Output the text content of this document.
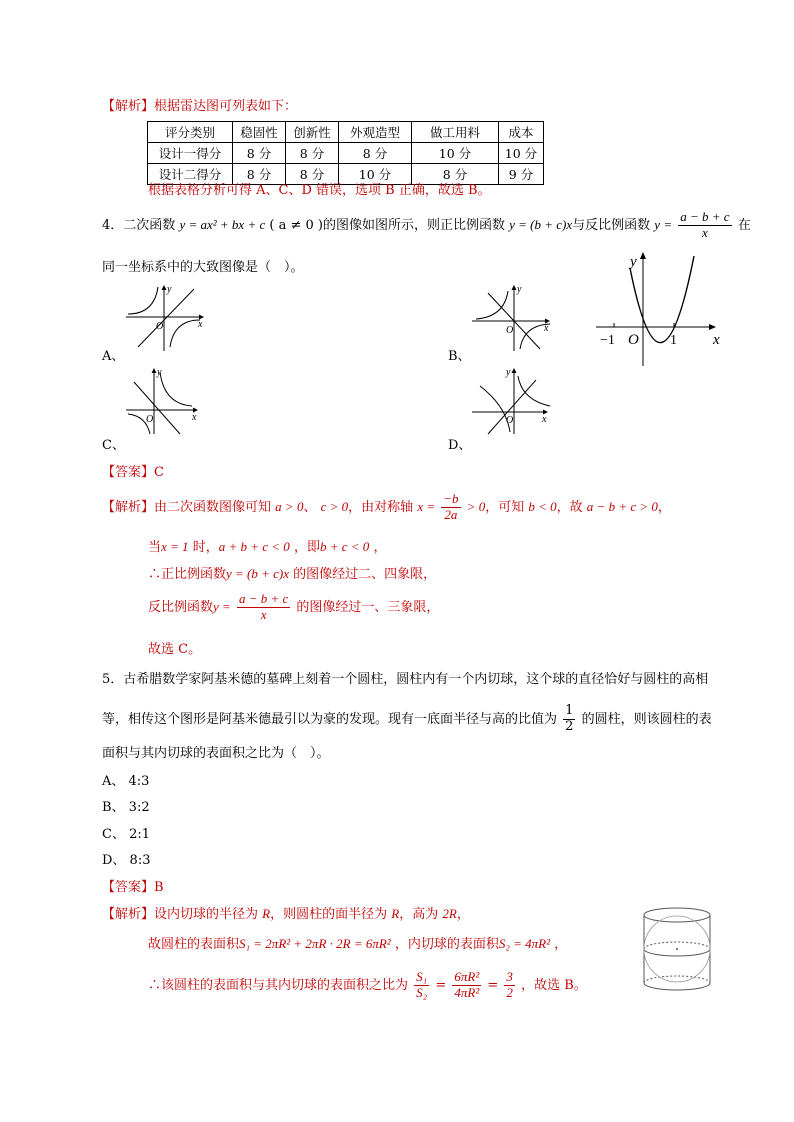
【解析】根据雷达图可列表如下：
评分类别	稳固性	创新性	外观造型	做工用料	成本
设计一得分	8 分	8 分	8 分	10 分	10 分
设计二得分	8 分	8 分	10 分	8 分	9 分
根据表格分析可得 A、C、D 错误，选项 B 正确，故选 B。
4．二次函数 y = ax² + bx + c ( a ≠ 0 )的图像如图所示，则正比例函数 y = (b + c)x与反比例函数 $y = \frac{a - b + c}{x}$ 在
同一坐标系中的大致图像是（　）。
x
y
O	x
y
O
x
y
O	x
y
O
A、	B、
C、	D、
x
y
O
−1	1
【答案】C
【解析】由二次函数图像可知 a > 0、 c > 0，由对称轴 $x = \frac{-b}{2a} > 0$，可知 b < 0，故 a − b + c > 0，
当x = 1 时，a + b + c < 0 ，即b + c < 0 ，
∴正比例函数y = (b + c)x 的图像经过二、四象限，
反比例函数$y = \frac{a - b + c}{x}$ 的图像经过一、三象限，
故选 C。
5．古希腊数学家阿基米德的墓碑上刻着一个圆柱，圆柱内有一个内切球，这个球的直径恰好与圆柱的高相
等，相传这个图形是阿基米德最引以为豪的发现。现有一底面半径与高的比值为 $\frac{1}{2}$ 的圆柱，则该圆柱的表
面积与其内切球的表面积之比为（　）。
A、 4:3
B、 3:2
C、 2:1
D、 8:3
【答案】B
【解析】设内切球的半径为 R，则圆柱的面半径为 R，高为 2R，
故圆柱的表面积S₁ = 2πR² + 2πR · 2R = 6πR² ，内切球的表面积S₂ = 4πR² ，
∴该圆柱的表面积与其内切球的表面积之比为 $\frac{\text{S₁}}{\text{S₂}} = \frac{\text{6πR²}}{\text{4πR²}} = \frac{3}{2}$ ，故选 B。
